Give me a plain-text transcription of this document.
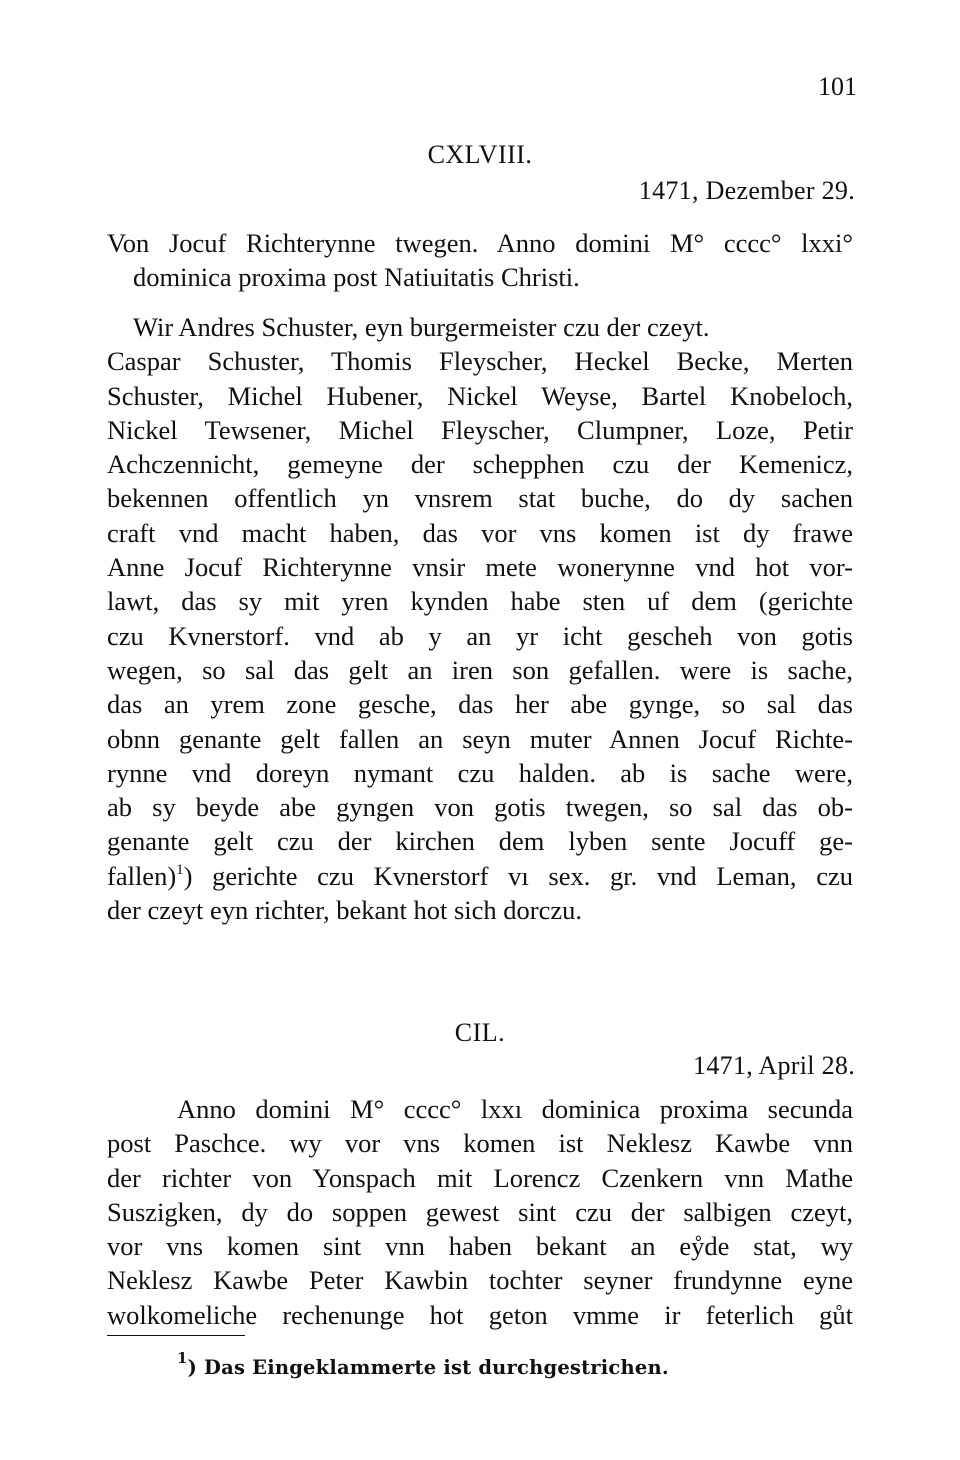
101
CXLVIII.
1471, Dezember 29.
Von Jocuf Richterynne twegen. Anno domini M° cccc° lxxi°
dominica proxima post Natiuitatis Christi.
Wir Andres Schuster, eyn burgermeister czu der czeyt.
Caspar Schuster, Thomis Fleyscher, Heckel Becke, Merten
Schuster, Michel Hubener, Nickel Weyse, Bartel Knobeloch,
Nickel Tewsener, Michel Fleyscher, Clumpner, Loze, Petir
Achczennicht, gemeyne der schepphen czu der Kemenicz,
bekennen offentlich yn vnsrem stat buche, do dy sachen
craft vnd macht haben, das vor vns komen ist dy frawe
Anne Jocuf Richterynne vnsir mete wonerynne vnd hot vor-
lawt, das sy mit yren kynden habe sten uf dem (gerichte
czu Kvnerstorf. vnd ab y an yr icht gescheh von gotis
wegen, so sal das gelt an iren son gefallen. were is sache,
das an yrem zone gesche, das her abe gynge, so sal das
obnn genante gelt fallen an seyn muter Annen Jocuf Richte-
rynne vnd doreyn nymant czu halden. ab is sache were,
ab sy beyde abe gyngen von gotis twegen, so sal das ob-
genante gelt czu der kirchen dem lyben sente Jocuff ge-
fallen)$^1$) gerichte czu Kvnerstorf vı sex. gr. vnd Leman, czu
der czeyt eyn richter, bekant hot sich dorczu.
CIL.
1471, April 28.
Anno domini M° cccc° lxxı dominica proxima secunda
post Paschce. wy vor vns komen ist Neklesz Kawbe vnn
der richter von Yonspach mit Lorencz Czenkern vnn Mathe
Suszigken, dy do soppen gewest sint czu der salbigen czeyt,
vor vns komen sint vnn haben bekant an eẙde stat, wy
Neklesz Kawbe Peter Kawbin tochter seyner frundynne eyne
wolkomeliche rechenunge hot geton vmme ir feterlich gůt
$^1$) Das Eingeklammerte ist durchgestrichen.
